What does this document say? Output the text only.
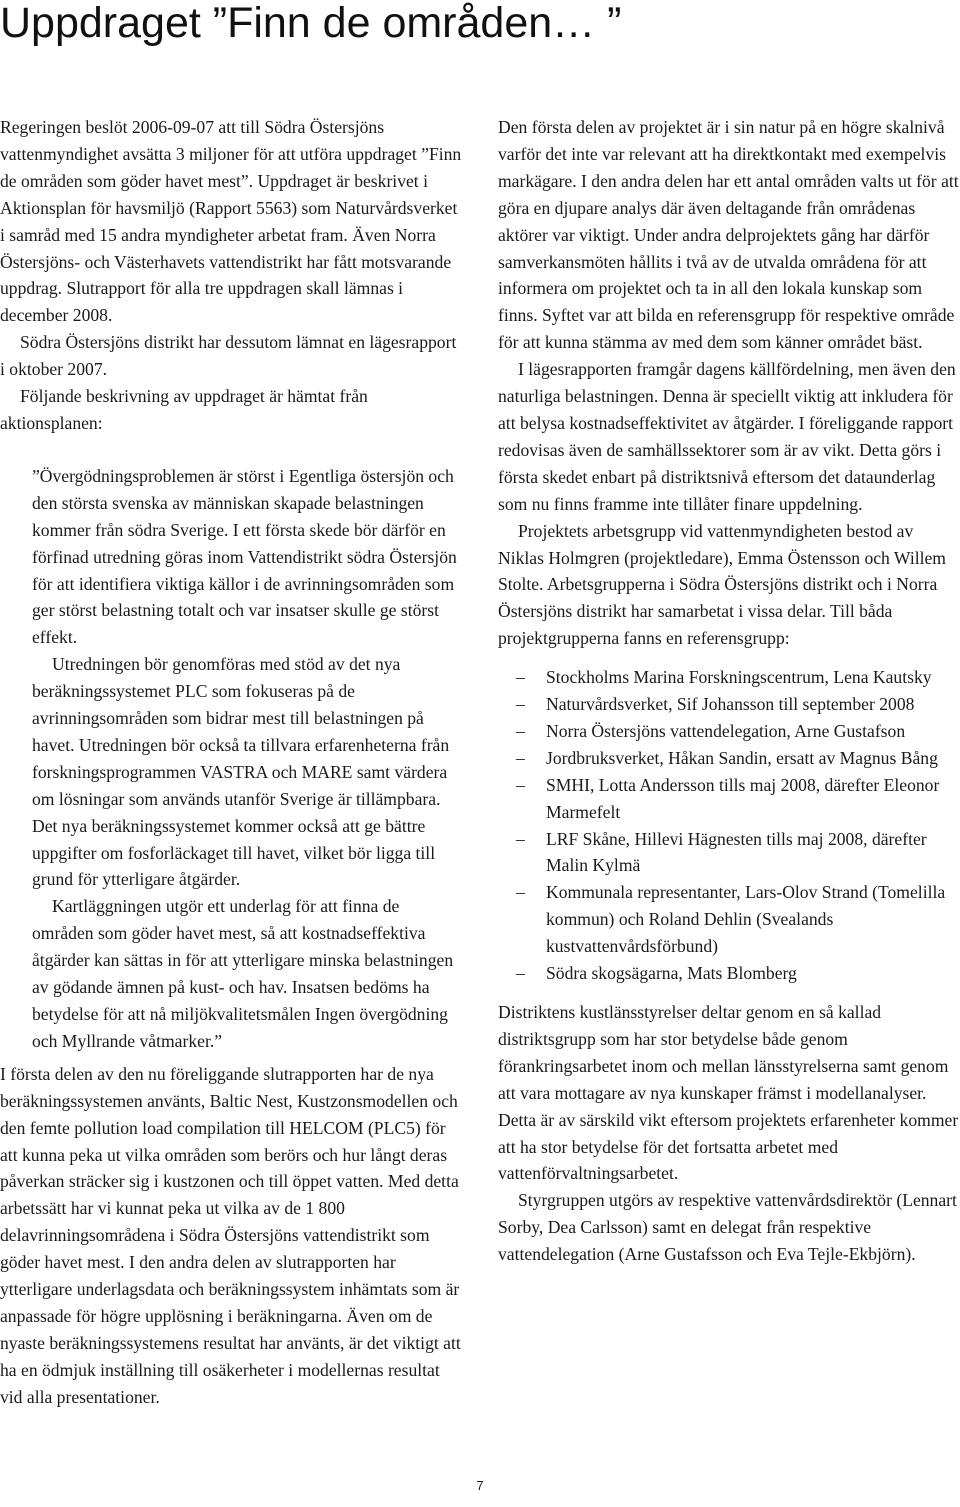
Uppdraget ”Finn de områden… ”

Regeringen beslöt 2006-09-07 att till Södra Östersjöns vattenmyndighet avsätta 3 miljoner för att utföra uppdraget ”Finn de områden som göder havet mest”. Uppdraget är beskrivet i Aktionsplan för havsmiljö (Rapport 5563) som Naturvårdsverket i samråd med 15 andra myndigheter arbetat fram. Även Norra Östersjöns- och Västerhavets vattendistrikt har fått motsvarande uppdrag. Slutrapport för alla tre uppdragen skall lämnas i december 2008.

Södra Östersjöns distrikt har dessutom lämnat en lägesrapport i oktober 2007.

Följande beskrivning av uppdraget är hämtat från aktionsplanen:

”Övergödningsproblemen är störst i Egentliga östersjön och den största svenska av människan skapade belastningen kommer från södra Sverige. I ett första skede bör därför en förfinad utredning göras inom Vattendistrikt södra Östersjön för att identifiera viktiga källor i de avrinningsområden som ger störst belastning totalt och var insatser skulle ge störst effekt.

Utredningen bör genomföras med stöd av det nya beräkningssystemet PLC som fokuseras på de avrinningsområden som bidrar mest till belastningen på havet. Utredningen bör också ta tillvara erfarenheterna från forskningsprogrammen VASTRA och MARE samt värdera om lösningar som används utanför Sverige är tillämpbara. Det nya beräkningssystemet kommer också att ge bättre uppgifter om fosforläckaget till havet, vilket bör ligga till grund för ytterligare åtgärder.

Kartläggningen utgör ett underlag för att finna de områden som göder havet mest, så att kostnadseffektiva åtgärder kan sättas in för att ytterligare minska belastningen av gödande ämnen på kust- och hav. Insatsen bedöms ha betydelse för att nå miljökvalitetsmålen Ingen övergödning och Myllrande våtmarker.”

I första delen av den nu föreliggande slutrapporten har de nya beräkningssystemen använts, Baltic Nest, Kustzonsmodellen och den femte pollution load compilation till HELCOM (PLC5) för att kunna peka ut vilka områden som berörs och hur långt deras påverkan sträcker sig i kustzonen och till öppet vatten. Med detta arbetssätt har vi kunnat peka ut vilka av de 1 800 delavrinningsområdena i Södra Östersjöns vattendistrikt som göder havet mest. I den andra delen av slutrapporten har ytterligare underlagsdata och beräkningssystem inhämtats som är anpassade för högre upplösning i beräkningarna. Även om de nyaste beräkningssystemens resultat har använts, är det viktigt att ha en ödmjuk inställning till osäkerheter i modellernas resultat vid alla presentationer.

Den första delen av projektet är i sin natur på en högre skalnivå varför det inte var relevant att ha direktkontakt med exempelvis markägare. I den andra delen har ett antal områden valts ut för att göra en djupare analys där även deltagande från områdenas aktörer var viktigt. Under andra delprojektets gång har därför samverkansmöten hållits i två av de utvalda områdena för att informera om projektet och ta in all den lokala kunskap som finns. Syftet var att bilda en referensgrupp för respektive område för att kunna stämma av med dem som känner området bäst.

I lägesrapporten framgår dagens källfördelning, men även den naturliga belastningen. Denna är speciellt viktig att inkludera för att belysa kostnadseffektivitet av åtgärder. I föreliggande rapport redovisas även de samhällssektorer som är av vikt. Detta görs i första skedet enbart på distriktsnivå eftersom det dataunderlag som nu finns framme inte tillåter finare uppdelning.

Projektets arbetsgrupp vid vattenmyndigheten bestod av Niklas Holmgren (projektledare), Emma Östensson och Willem Stolte. Arbetsgrupperna i Södra Östersjöns distrikt och i Norra Östersjöns distrikt har samarbetat i vissa delar. Till båda projektgrupperna fanns en referensgrupp:

– Stockholms Marina Forskningscentrum, Lena Kautsky
– Naturvårdsverket, Sif Johansson till september 2008
– Norra Östersjöns vattendelegation, Arne Gustafson
– Jordbruksverket, Håkan Sandin, ersatt av Magnus Bång
– SMHI, Lotta Andersson tills maj 2008, därefter Eleonor Marmefelt
– LRF Skåne, Hillevi Hägnesten tills maj 2008, därefter Malin Kylmä
– Kommunala representanter, Lars-Olov Strand (Tomelilla kommun) och Roland Dehlin (Svealands kustvattenvårdsförbund)
– Södra skogsägarna, Mats Blomberg

Distriktens kustlänsstyrelser deltar genom en så kallad distriktsgrupp som har stor betydelse både genom förankringsarbetet inom och mellan länsstyrelserna samt genom att vara mottagare av nya kunskaper främst i modellanalyser. Detta är av särskild vikt eftersom projektets erfarenheter kommer att ha stor betydelse för det fortsatta arbetet med vattenförvaltningsarbetet.

Styrgruppen utgörs av respektive vattenvårdsdirektör (Lennart Sorby, Dea Carlsson) samt en delegat från respektive vattendelegation (Arne Gustafsson och Eva Tejle-Ekbjörn).

7
